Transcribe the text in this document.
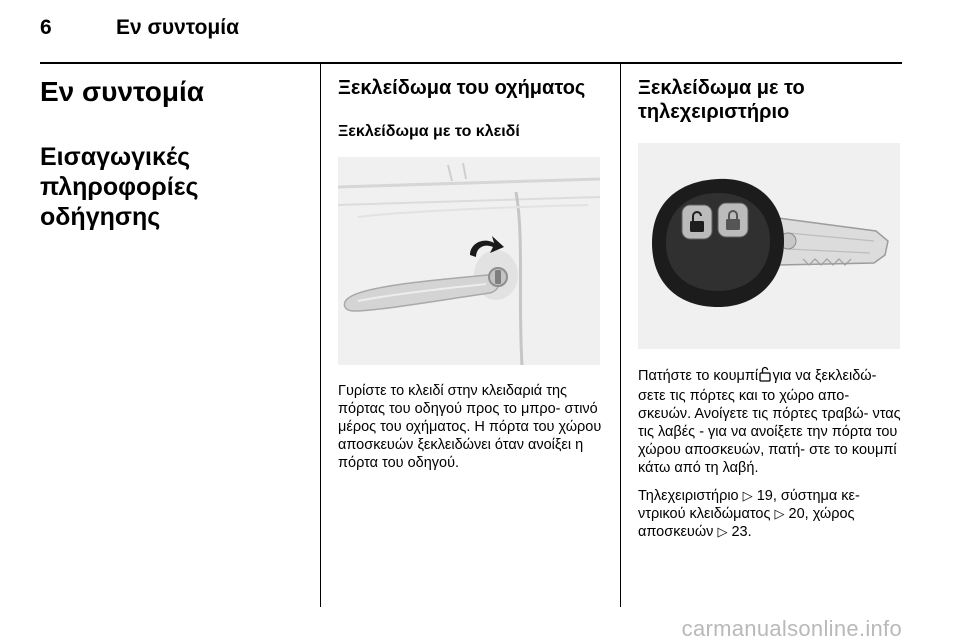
6	Εν συντομία
Εν συντομία
Εισαγωγικές πληροφορίες οδήγησης
Ξεκλείδωμα του οχήματος
Ξεκλείδωμα με το κλειδί

Γυρίστε το κλειδί στην κλειδαριά της πόρτας του οδηγού προς το μπρο- στινό μέρος του οχήματος. Η πόρτα του χώρου αποσκευών ξεκλειδώνει όταν ανοίξει η πόρτα του οδηγού.

Ξεκλείδωμα με το τηλεχειριστήριο

Πατήστε το κουμπί   για να ξεκλειδώ- σετε τις πόρτες και το χώρο απο- σκευών. Ανοίγετε τις πόρτες τραβώ- ντας τις λαβές - για να ανοίξετε την πόρτα του χώρου αποσκευών, πατή- στε το κουμπί κάτω από τη λαβή.

Τηλεχειριστήριο ▷ 19, σύστημα κε- ντρικού κλειδώματος ▷ 20, χώρος αποσκευών ▷ 23.

carmanualsonline.info
